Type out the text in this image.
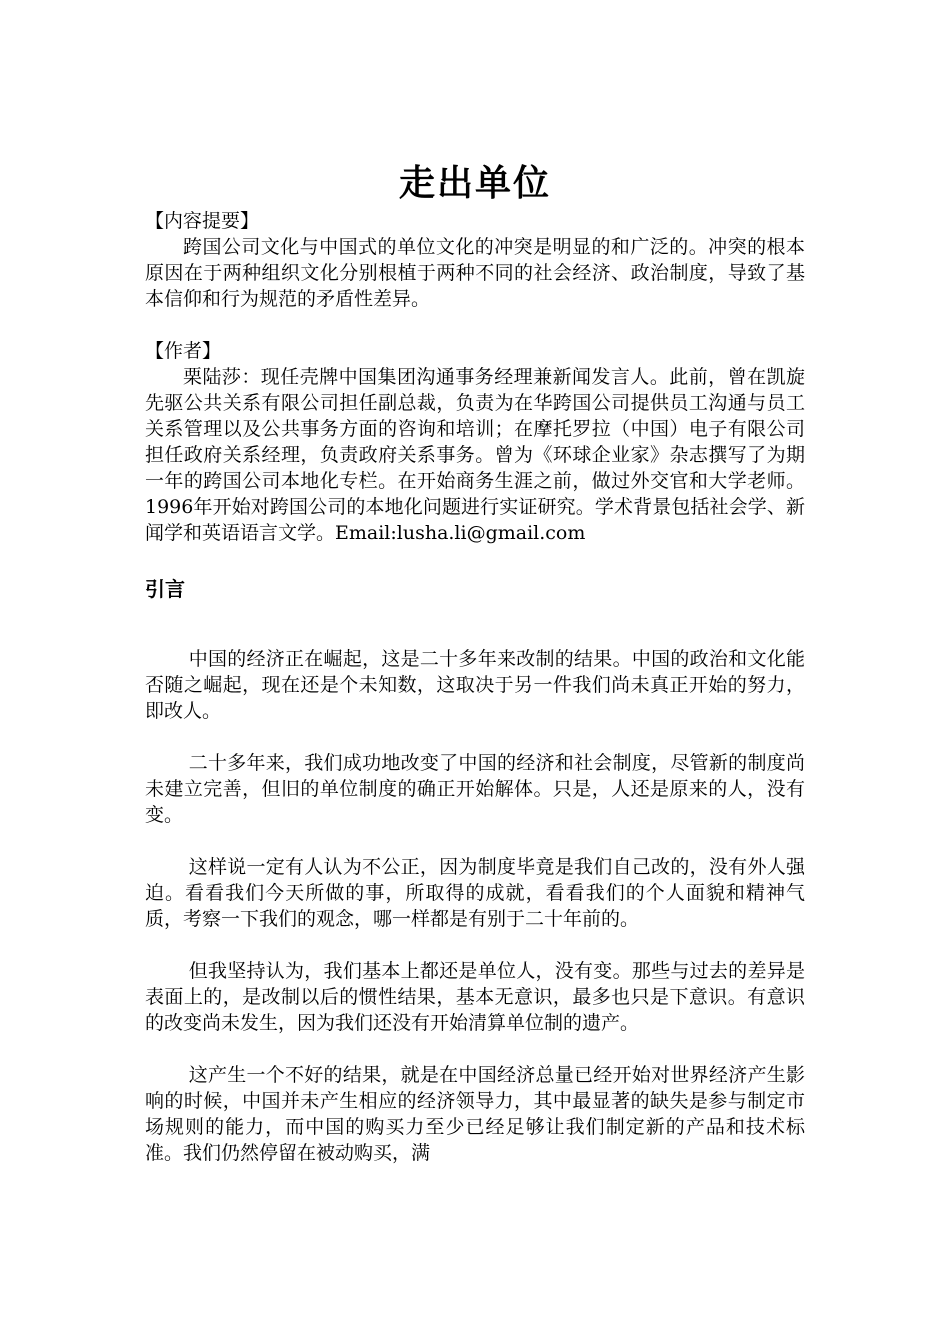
走出单位

【内容提要】

跨国公司文化与中国式的单位文化的冲突是明显的和广泛的。冲突的根本原因在于两种组织文化分别根植于两种不同的社会经济、政治制度，导致了基本信仰和行为规范的矛盾性差异。

【作者】

栗陆莎：现任壳牌中国集团沟通事务经理兼新闻发言人。此前，曾在凯旋先驱公共关系有限公司担任副总裁，负责为在华跨国公司提供员工沟通与员工关系管理以及公共事务方面的咨询和培训；在摩托罗拉（中国）电子有限公司担任政府关系经理，负责政府关系事务。曾为《环球企业家》杂志撰写了为期一年的跨国公司本地化专栏。在开始商务生涯之前，做过外交官和大学老师。1996年开始对跨国公司的本地化问题进行实证研究。学术背景包括社会学、新闻学和英语语言文学。Email:lusha.li@gmail.com

引言

中国的经济正在崛起，这是二十多年来改制的结果。中国的政治和文化能否随之崛起，现在还是个未知数，这取决于另一件我们尚未真正开始的努力，即改人。

二十多年来，我们成功地改变了中国的经济和社会制度，尽管新的制度尚未建立完善，但旧的单位制度的确正开始解体。只是，人还是原来的人，没有变。

这样说一定有人认为不公正，因为制度毕竟是我们自己改的，没有外人强迫。看看我们今天所做的事，所取得的成就，看看我们的个人面貌和精神气质，考察一下我们的观念，哪一样都是有别于二十年前的。

但我坚持认为，我们基本上都还是单位人，没有变。那些与过去的差异是表面上的，是改制以后的惯性结果，基本无意识，最多也只是下意识。有意识的改变尚未发生，因为我们还没有开始清算单位制的遗产。

这产生一个不好的结果，就是在中国经济总量已经开始对世界经济产生影响的时候，中国并未产生相应的经济领导力，其中最显著的缺失是参与制定市场规则的能力，而中国的购买力至少已经足够让我们制定新的产品和技术标准。我们仍然停留在被动购买，满
